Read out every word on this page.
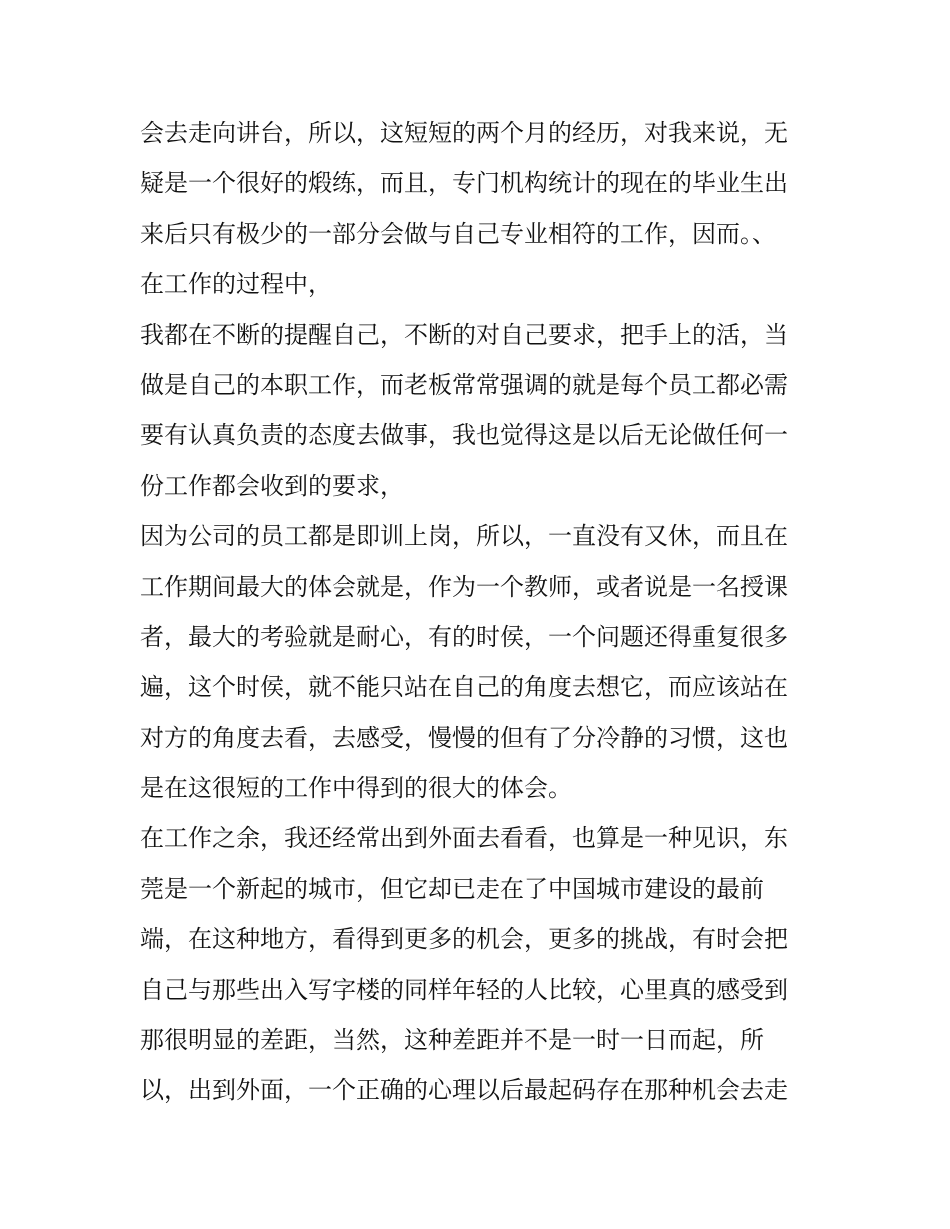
会去走向讲台，所以，这短短的两个月的经历，对我来说，无
疑是一个很好的煅练，而且，专门机构统计的现在的毕业生出
来后只有极少的一部分会做与自己专业相符的工作，因而。、
在工作的过程中，
我都在不断的提醒自己，不断的对自己要求，把手上的活，当
做是自己的本职工作，而老板常常强调的就是每个员工都必需
要有认真负责的态度去做事，我也觉得这是以后无论做任何一
份工作都会收到的要求，
因为公司的员工都是即训上岗，所以，一直没有又休，而且在
工作期间最大的体会就是，作为一个教师，或者说是一名授课
者，最大的考验就是耐心，有的时侯，一个问题还得重复很多
遍，这个时侯，就不能只站在自己的角度去想它，而应该站在
对方的角度去看，去感受，慢慢的但有了分冷静的习惯，这也
是在这很短的工作中得到的很大的体会。
在工作之余，我还经常出到外面去看看，也算是一种见识，东
莞是一个新起的城市，但它却已走在了中国城市建设的最前
端，在这种地方，看得到更多的机会，更多的挑战，有时会把
自己与那些出入写字楼的同样年轻的人比较，心里真的感受到
那很明显的差距，当然，这种差距并不是一时一日而起，所
以，出到外面，一个正确的心理以后最起码存在那种机会去走
